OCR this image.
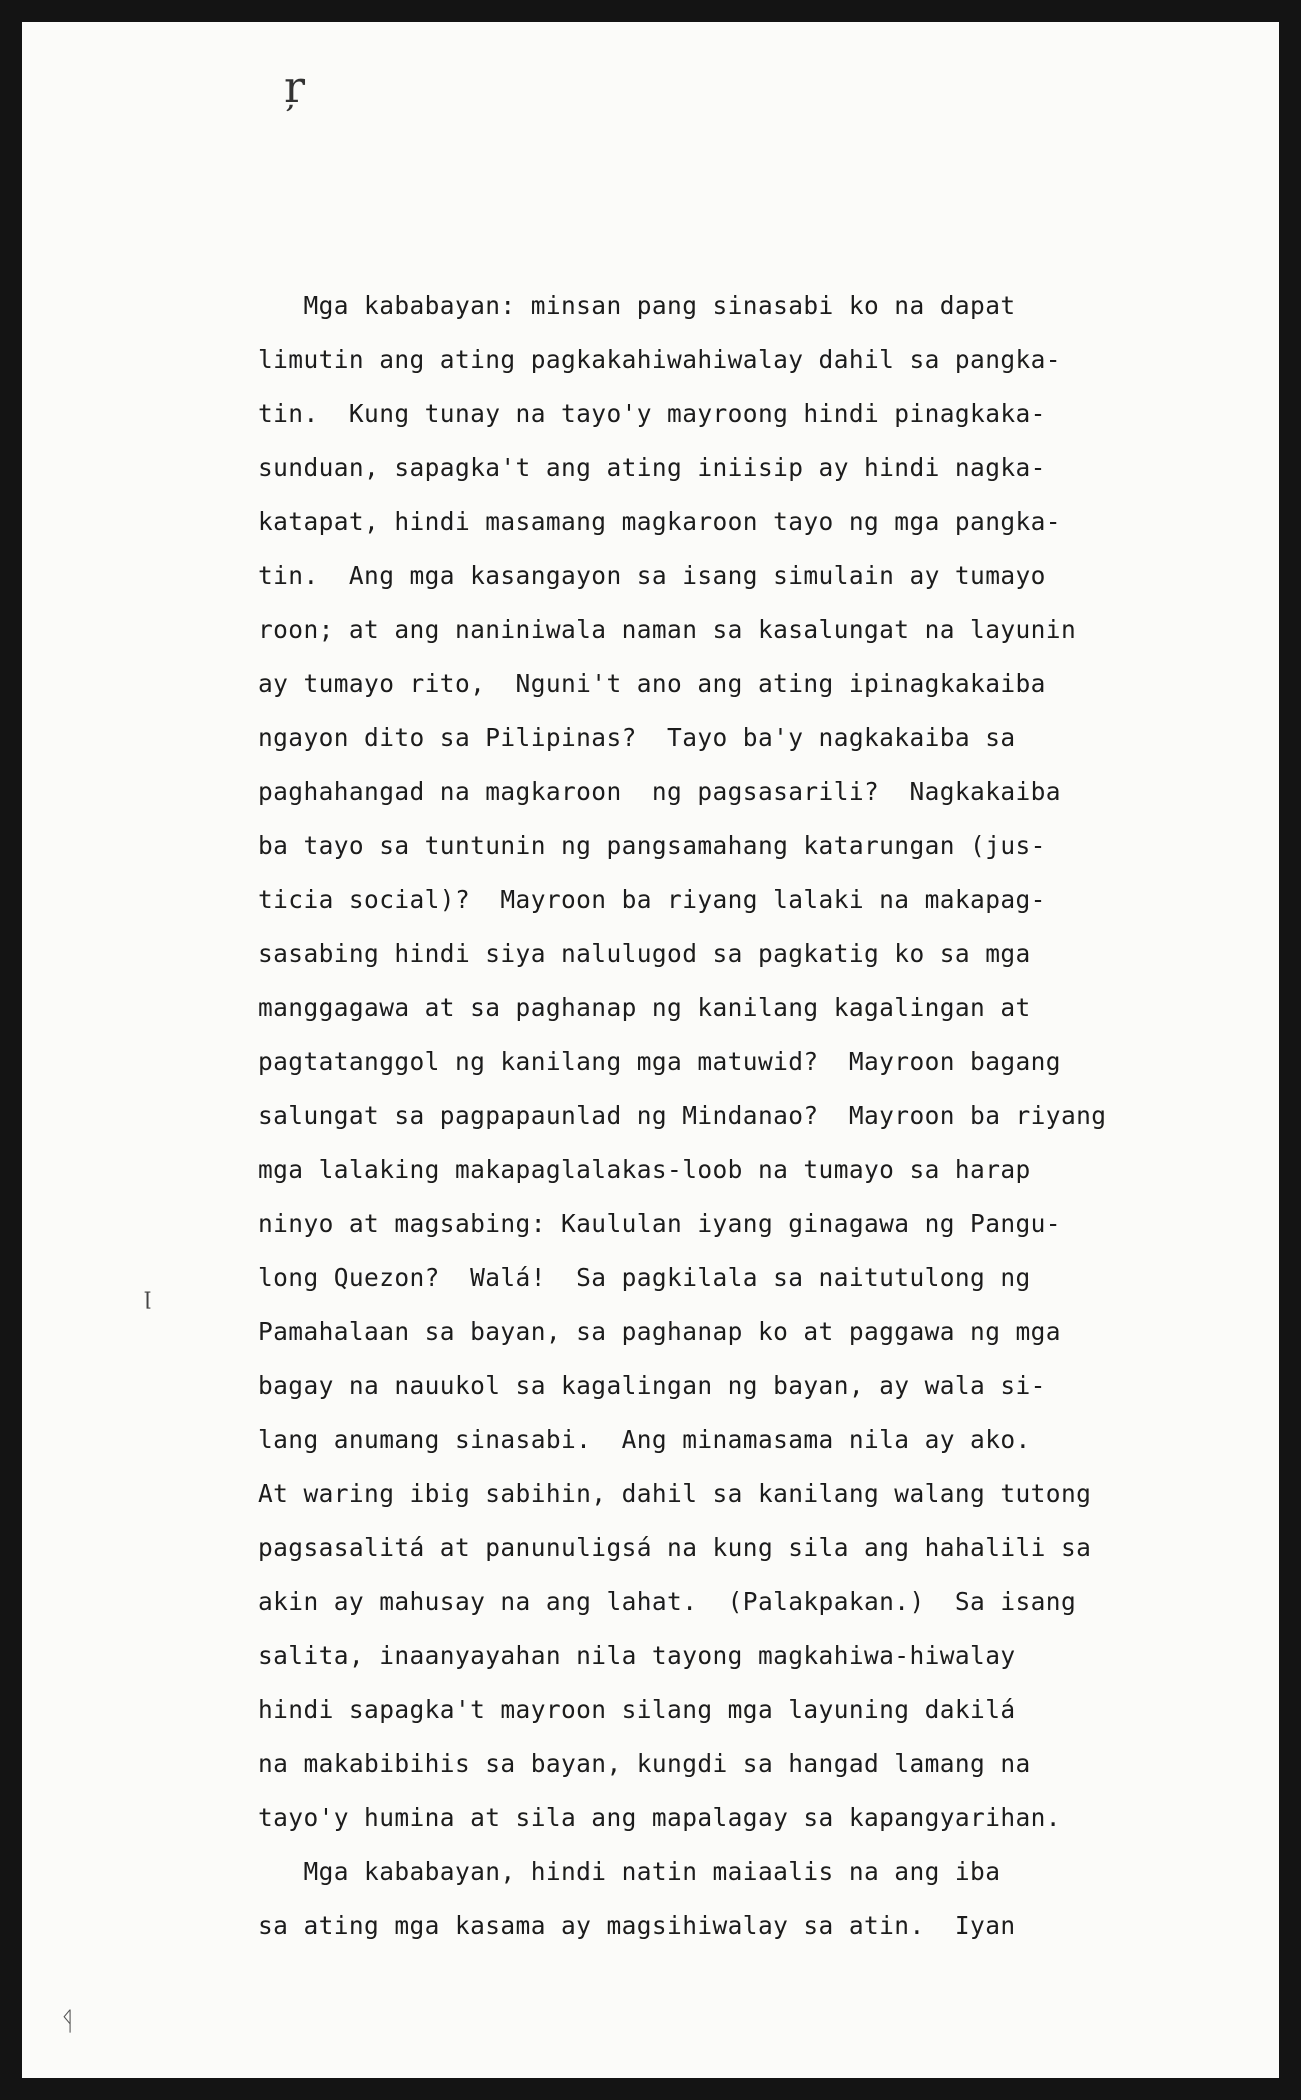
ŗ
ꞁ
ᛩ
Mga kababayan: minsan pang sinasabi ko na dapat
limutin ang ating pagkakahiwahiwalay dahil sa pangka-
tin.  Kung tunay na tayo'y mayroong hindi pinagkaka-
sunduan, sapagka't ang ating iniisip ay hindi nagka-
katapat, hindi masamang magkaroon tayo ng mga pangka-
tin.  Ang mga kasangayon sa isang simulain ay tumayo
roon; at ang naniniwala naman sa kasalungat na layunin
ay tumayo rito,  Nguni't ano ang ating ipinagkakaiba
ngayon dito sa Pilipinas?  Tayo ba'y nagkakaiba sa
paghahangad na magkaroon  ng pagsasarili?  Nagkakaiba
ba tayo sa tuntunin ng pangsamahang katarungan (jus-
ticia social)?  Mayroon ba riyang lalaki na makapag-
sasabing hindi siya nalulugod sa pagkatig ko sa mga
manggagawa at sa paghanap ng kanilang kagalingan at
pagtatanggol ng kanilang mga matuwid?  Mayroon bagang
salungat sa pagpapaunlad ng Mindanao?  Mayroon ba riyang
mga lalaking makapaglalakas-loob na tumayo sa harap
ninyo at magsabing: Kaululan iyang ginagawa ng Pangu-
long Quezon?  Walá!  Sa pagkilala sa naitutulong ng
Pamahalaan sa bayan, sa paghanap ko at paggawa ng mga
bagay na nauukol sa kagalingan ng bayan, ay wala si-
lang anumang sinasabi.  Ang minamasama nila ay ako.
At waring ibig sabihin, dahil sa kanilang walang tutong
pagsasalitá at panunuligsá na kung sila ang hahalili sa
akin ay mahusay na ang lahat.  (Palakpakan.)  Sa isang
salita, inaanyayahan nila tayong magkahiwa-hiwalay
hindi sapagka't mayroon silang mga layuning dakilá
na makabibihis sa bayan, kungdi sa hangad lamang na
tayo'y humina at sila ang mapalagay sa kapangyarihan.
Mga kababayan, hindi natin maiaalis na ang iba
sa ating mga kasama ay magsihiwalay sa atin.  Iyan
